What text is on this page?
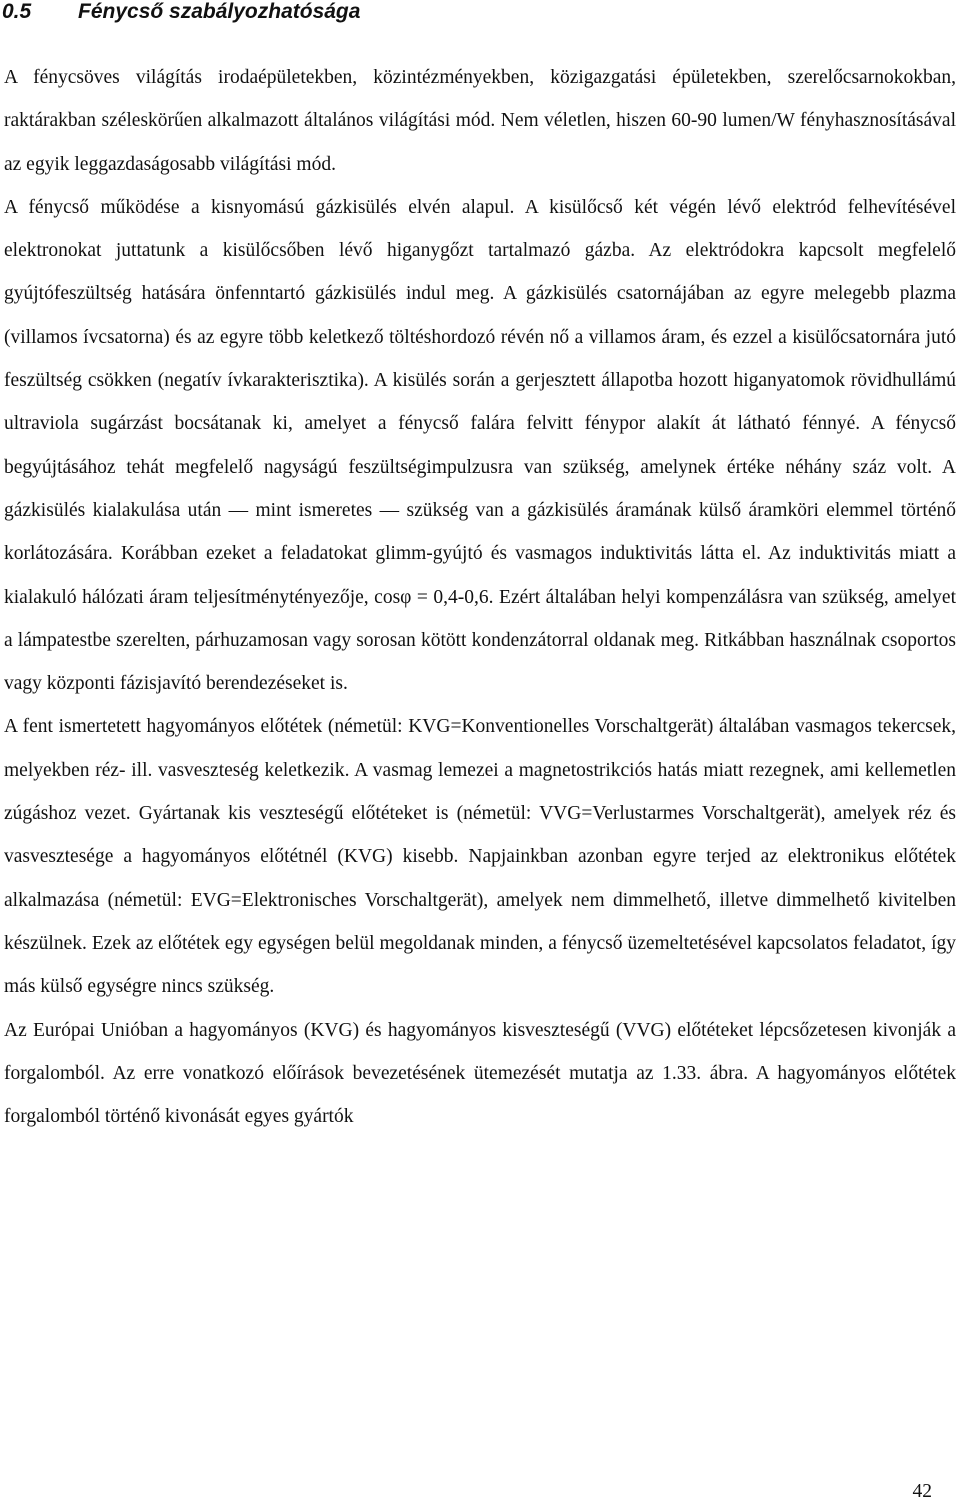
0.5 Fénycső szabályozhatósága

A fénycsöves világítás irodaépületekben, közintézményekben, közigazgatási épületekben, szerelőcsarnokokban, raktárakban széleskörűen alkalmazott általános világítási mód. Nem véletlen, hiszen 60-90 lumen/W fényhasznosításával az egyik leggazdaságosabb világítási mód.

A fénycső működése a kisnyomású gázkisülés elvén alapul. A kisülőcső két végén lévő elektród felhevítésével elektronokat juttatunk a kisülőcsőben lévő higanygőzt tartalmazó gázba. Az elektródokra kapcsolt megfelelő gyújtófeszültség hatására önfenntartó gázkisülés indul meg. A gázkisülés csatornájában az egyre melegebb plazma (villamos ívcsatorna) és az egyre több keletkező töltéshordozó révén nő a villamos áram, és ezzel a kisülőcsatornára jutó feszültség csökken (negatív ívkarakterisztika). A kisülés során a gerjesztett állapotba hozott higanyatomok rövidhullámú ultraviola sugárzást bocsátanak ki, amelyet a fénycső falára felvitt fénypor alakít át látható fénnyé. A fénycső begyújtásához tehát megfelelő nagyságú feszültségimpulzusra van szükség, amelynek értéke néhány száz volt. A gázkisülés kialakulása után — mint ismeretes — szükség van a gázkisülés áramának külső áramköri elemmel történő korlátozására. Korábban ezeket a feladatokat glimm-gyújtó és vasmagos induktivitás látta el. Az induktivitás miatt a kialakuló hálózati áram teljesítménytényezője, cosφ = 0,4-0,6. Ezért általában helyi kompenzálásra van szükség, amelyet a lámpatestbe szerelten, párhuzamosan vagy sorosan kötött kondenzátorral oldanak meg. Ritkábban használnak csoportos vagy központi fázisjavító berendezéseket is.

A fent ismertetett hagyományos előtétek (németül: KVG=Konventionelles Vorschaltgerät) általában vasmagos tekercsek, melyekben réz- ill. vasveszteség keletkezik. A vasmag lemezei a magnetostrikciós hatás miatt rezegnek, ami kellemetlen zúgáshoz vezet. Gyártanak kis veszteségű előtéteket is (németül: VVG=Verlustarmes Vorschaltgerät), amelyek réz és vasvesztesége a hagyományos előtétnél (KVG) kisebb. Napjainkban azonban egyre terjed az elektronikus előtétek alkalmazása (németül: EVG=Elektronisches Vorschaltgerät), amelyek nem dimmelhető, illetve dimmelhető kivitelben készülnek. Ezek az előtétek egy egységen belül megoldanak minden, a fénycső üzemeltetésével kapcsolatos feladatot, így más külső egységre nincs szükség.

Az Európai Unióban a hagyományos (KVG) és hagyományos kisveszteségű (VVG) előtéteket lépcsőzetesen kivonják a forgalomból. Az erre vonatkozó előírások bevezetésének ütemezését mutatja az 1.33. ábra. A hagyományos előtétek forgalomból történő kivonását egyes gyártók

42
